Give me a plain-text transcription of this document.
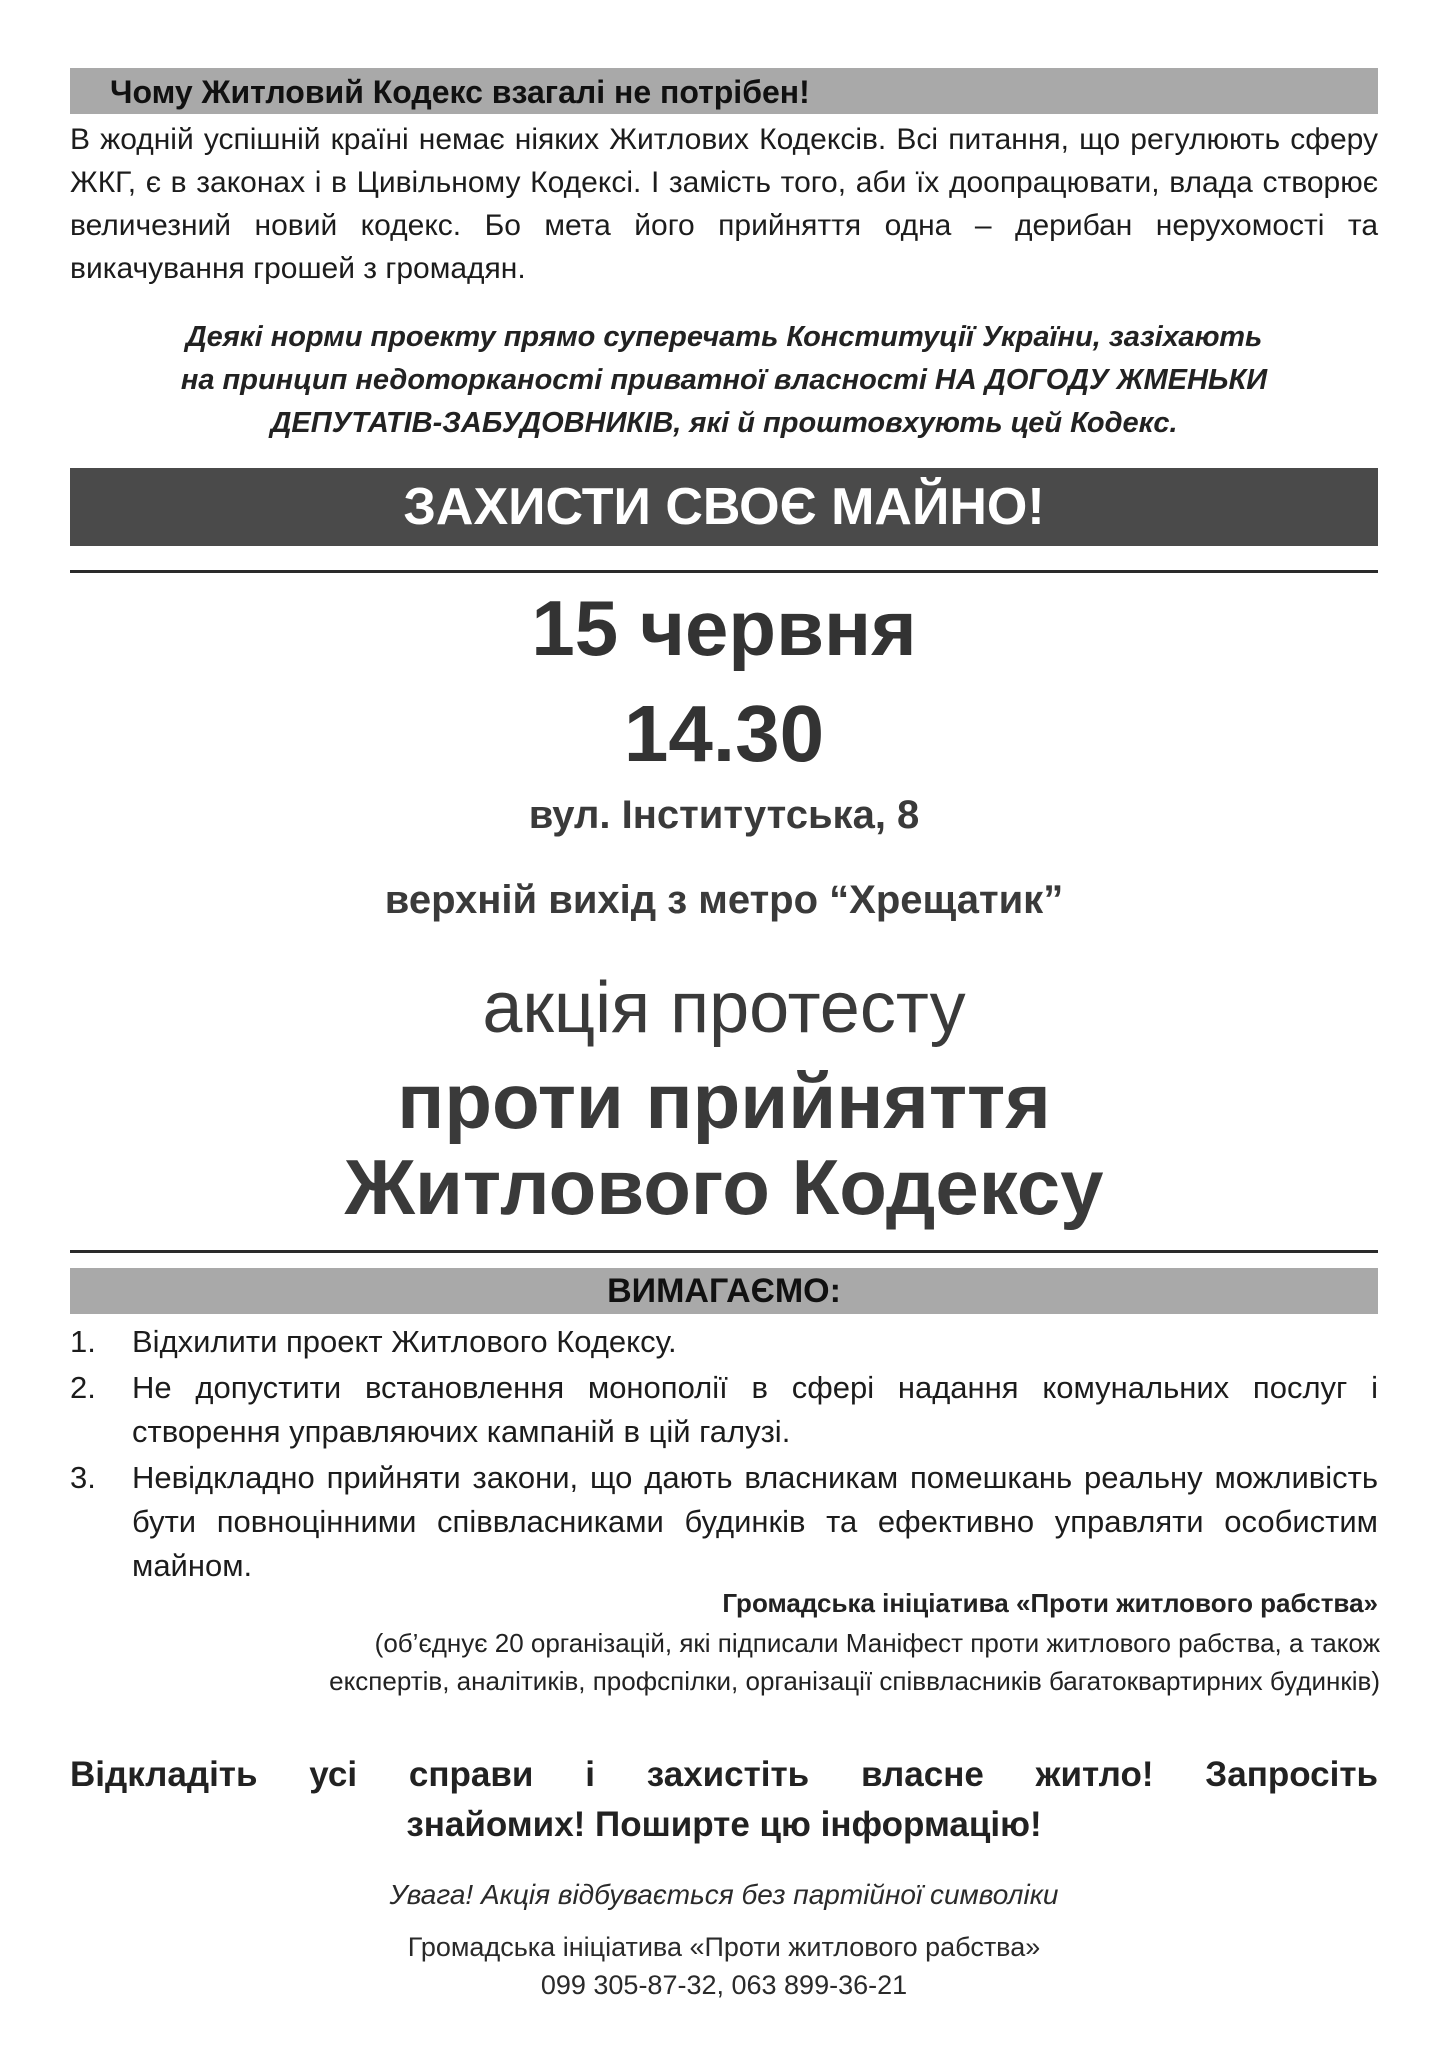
Чому Житловий Кодекс взагалі не потрібен!
В жодній успішній країні немає ніяких Житлових Кодексів. Всі питання, що регулюють сферу ЖКГ, є в законах і в Цивільному Кодексі. І замість того, аби їх доопрацювати, влада створює величезний новий кодекс. Бо мета його прийняття одна – дерибан нерухомості та викачування грошей з громадян.
Деякі норми проекту прямо суперечать Конституції України, зазіхають
на принцип недоторканості приватної власності НА ДОГОДУ ЖМЕНЬКИ
ДЕПУТАТІВ-ЗАБУДОВНИКІВ, які й проштовхують цей Кодекс.
ЗАХИСТИ СВОЄ МАЙНО!
15 червня
14.30
вул. Інститутська, 8
верхній вихід з метро “Хрещатик”
акція протесту
проти прийняття
Житлового Кодексу
ВИМАГАЄМО:
1.	Відхилити проект Житлового Кодексу.
2.	Не допустити встановлення монополії в сфері надання комунальних послуг і створення управляючих кампаній в цій галузі.
3.	Невідкладно прийняти закони, що дають власникам помешкань реальну можливість бути повноцінними співвласниками будинків та ефективно управляти особистим майном.
Громадська ініціатива «Проти житлового рабства»
(об’єднує 20 організацій, які підписали Маніфест проти житлового рабства, а також
експертів, аналітиків, профспілки, організації співвласників багатоквартирних будинків)
Відкладіть усі справи і захистіть власне житло! Запросіть
знайомих! Поширте цю інформацію!
Увага! Акція відбувається без партійної символіки
Громадська ініціатива «Проти житлового рабства»
099 305-87-32, 063 899-36-21
